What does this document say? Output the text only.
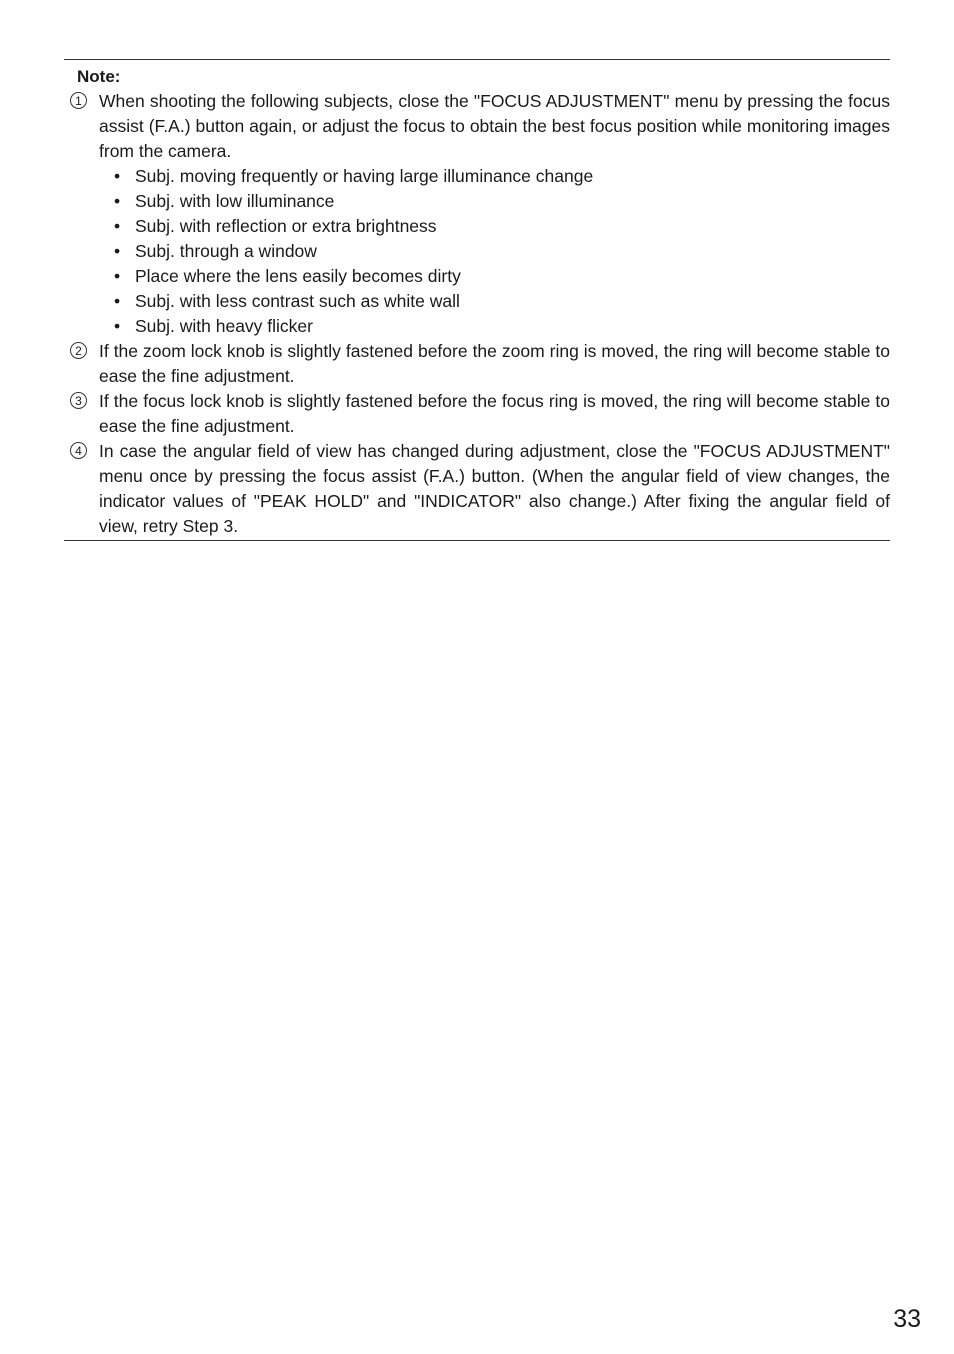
Note:
1 When shooting the following subjects, close the "FOCUS ADJUSTMENT" menu by pressing the focus assist (F.A.) button again, or adjust the focus to obtain the best focus position while monitoring images from the camera.
• Subj. moving frequently or having large illuminance change
• Subj. with low illuminance
• Subj. with reflection or extra brightness
• Subj. through a window
• Place where the lens easily becomes dirty
• Subj. with less contrast such as white wall
• Subj. with heavy flicker
2 If the zoom lock knob is slightly fastened before the zoom ring is moved, the ring will become stable to ease the fine adjustment.
3 If the focus lock knob is slightly fastened before the focus ring is moved, the ring will become stable to ease the fine adjustment.
4 In case the angular field of view has changed during adjustment, close the "FOCUS ADJUSTMENT" menu once by pressing the focus assist (F.A.) button. (When the angular field of view changes, the indicator values of "PEAK HOLD" and "INDICATOR" also change.) After fixing the angular field of view, retry Step 3.
33
